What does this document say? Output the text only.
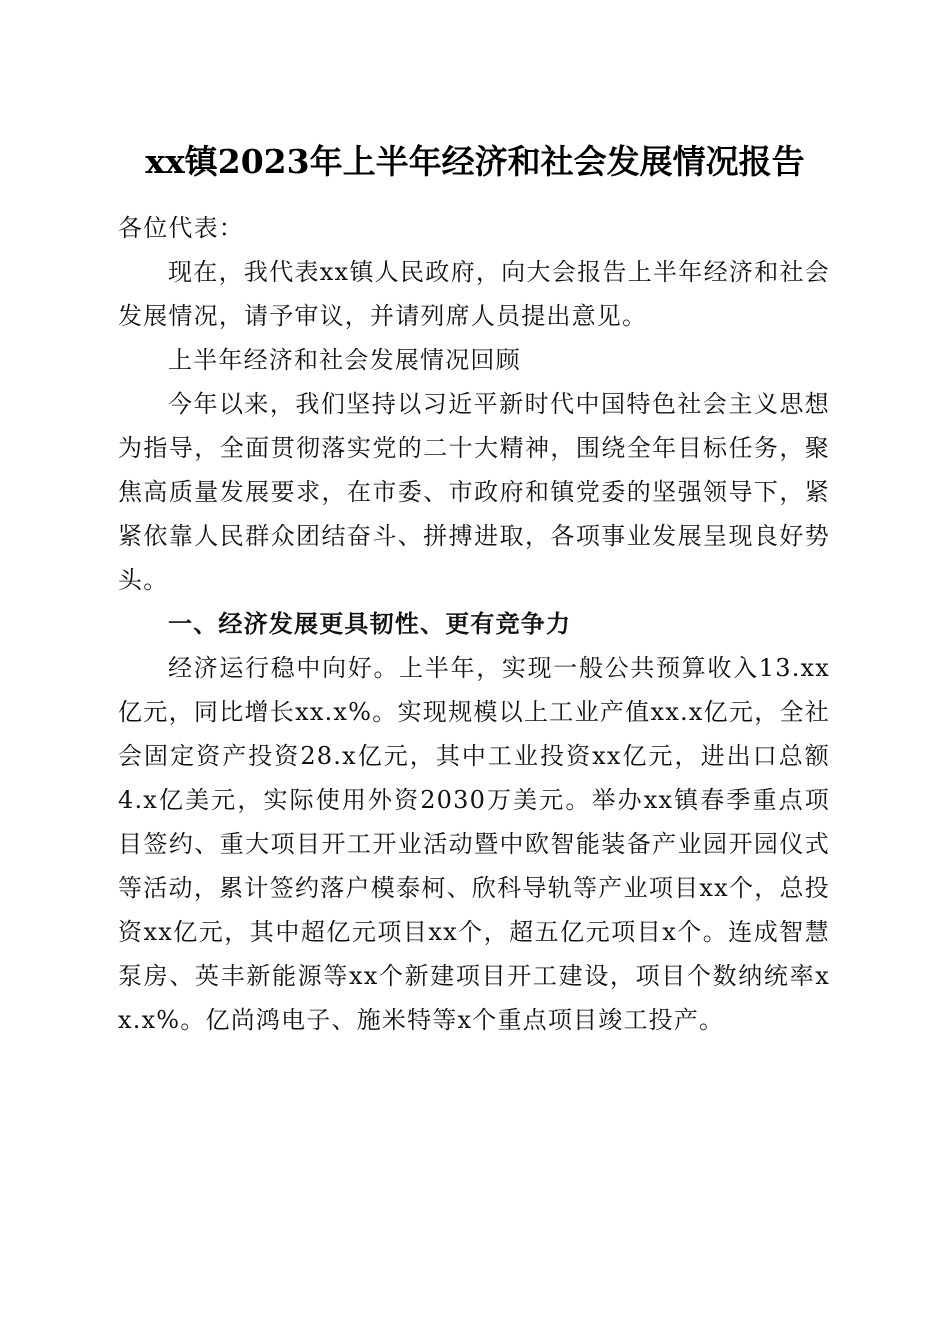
xx镇2023年上半年经济和社会发展情况报告

各位代表：

现在，我代表xx镇人民政府，向大会报告上半年经济和社会发展情况，请予审议，并请列席人员提出意见。

上半年经济和社会发展情况回顾

今年以来，我们坚持以习近平新时代中国特色社会主义思想为指导，全面贯彻落实党的二十大精神，围绕全年目标任务，聚焦高质量发展要求，在市委、市政府和镇党委的坚强领导下，紧紧依靠人民群众团结奋斗、拼搏进取，各项事业发展呈现良好势头。

一、经济发展更具韧性、更有竞争力

经济运行稳中向好。上半年，实现一般公共预算收入13.xx亿元，同比增长xx.x%。实现规模以上工业产值xx.x亿元，全社会固定资产投资28.x亿元，其中工业投资xx亿元，进出口总额4.x亿美元，实际使用外资2030万美元。举办xx镇春季重点项目签约、重大项目开工开业活动暨中欧智能装备产业园开园仪式等活动，累计签约落户模泰柯、欣科导轨等产业项目xx个，总投资xx亿元，其中超亿元项目xx个，超五亿元项目x个。连成智慧泵房、英丰新能源等xx个新建项目开工建设，项目个数纳统率xx.x%。亿尚鸿电子、施米特等x个重点项目竣工投产。
